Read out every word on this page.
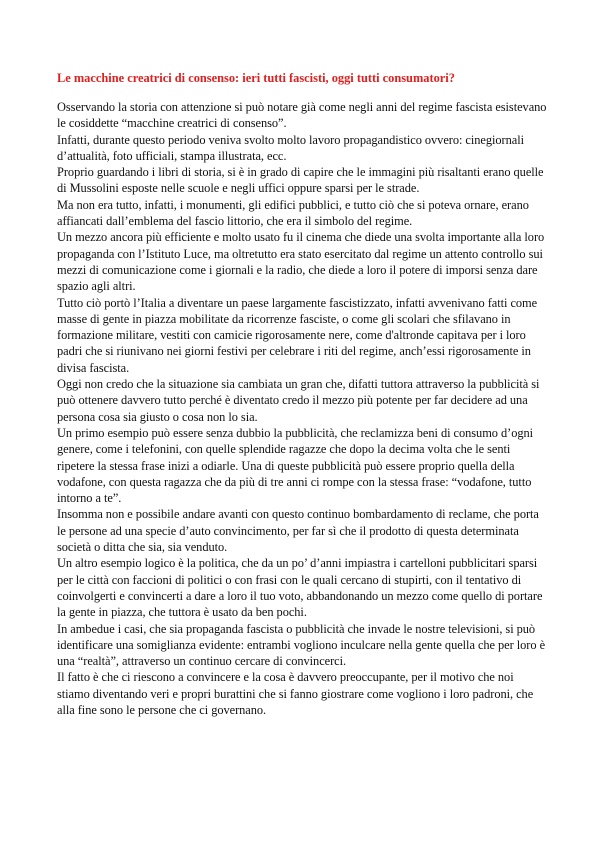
Le macchine creatrici di consenso: ieri tutti fascisti, oggi tutti consumatori?

Osservando la storia con attenzione si può notare già come negli anni del regime fascista esistevano le cosiddette “macchine creatrici di consenso”.

Infatti, durante questo periodo veniva svolto molto lavoro propagandistico ovvero: cinegiornali d’attualità, foto ufficiali, stampa illustrata, ecc.

Proprio guardando i libri di storia, si è in grado di capire che le immagini più risaltanti erano quelle di Mussolini esposte nelle scuole e negli uffici oppure sparsi per le strade.

Ma non era tutto, infatti, i monumenti, gli edifici pubblici, e tutto ciò che si poteva ornare, erano affiancati dall’emblema del fascio littorio, che era il simbolo del regime.

Un mezzo ancora più efficiente e molto usato fu il cinema che diede una svolta importante alla loro propaganda con l’Istituto Luce, ma oltretutto era stato esercitato dal regime un attento controllo sui mezzi di comunicazione come i giornali e la radio, che diede a loro il potere di imporsi senza dare spazio agli altri.

Tutto ciò portò l’Italia a diventare un paese largamente fascistizzato, infatti avvenivano fatti come masse di gente in piazza mobilitate da ricorrenze fasciste, o come gli scolari che sfilavano in formazione militare, vestiti con camicie rigorosamente nere, come d'altronde capitava per i loro padri che si riunivano nei giorni festivi per celebrare i riti del regime, anch’essi rigorosamente in divisa fascista.

Oggi non credo che la situazione sia cambiata un gran che, difatti tuttora attraverso la pubblicità si può ottenere davvero tutto perché è diventato credo il mezzo più potente per far decidere ad una persona cosa sia giusto o cosa non lo sia.

Un primo esempio può essere senza dubbio la pubblicità, che reclamizza beni di consumo d’ogni genere, come i telefonini, con quelle splendide ragazze che dopo la decima volta che le senti ripetere la stessa frase inizi a odiarle. Una di queste pubblicità può essere proprio quella della vodafone, con questa ragazza che da più di tre anni ci rompe con la stessa frase: “vodafone, tutto intorno a te”.

Insomma non e possibile andare avanti con questo continuo bombardamento di reclame, che porta le persone ad una specie d’auto convincimento, per far sì che il prodotto di questa determinata società o ditta che sia, sia venduto.

Un altro esempio logico è la politica, che da un po’ d’anni impiastra i cartelloni pubblicitari sparsi per le città con faccioni di politici o con frasi con le quali cercano di stupirti, con il tentativo di coinvolgerti e convincerti a dare a loro il tuo voto, abbandonando un mezzo come quello di portare la gente in piazza, che tuttora è usato da ben pochi.

In ambedue i casi, che sia propaganda fascista o pubblicità che invade le nostre televisioni, si può identificare una somiglianza evidente: entrambi vogliono inculcare nella gente quella che per loro è una “realtà”, attraverso un continuo cercare di convincerci.

Il fatto è che ci riescono a convincere e la cosa è davvero preoccupante, per il motivo che noi stiamo diventando veri e propri burattini che si fanno giostrare come vogliono i loro padroni, che alla fine sono le persone che ci governano.
